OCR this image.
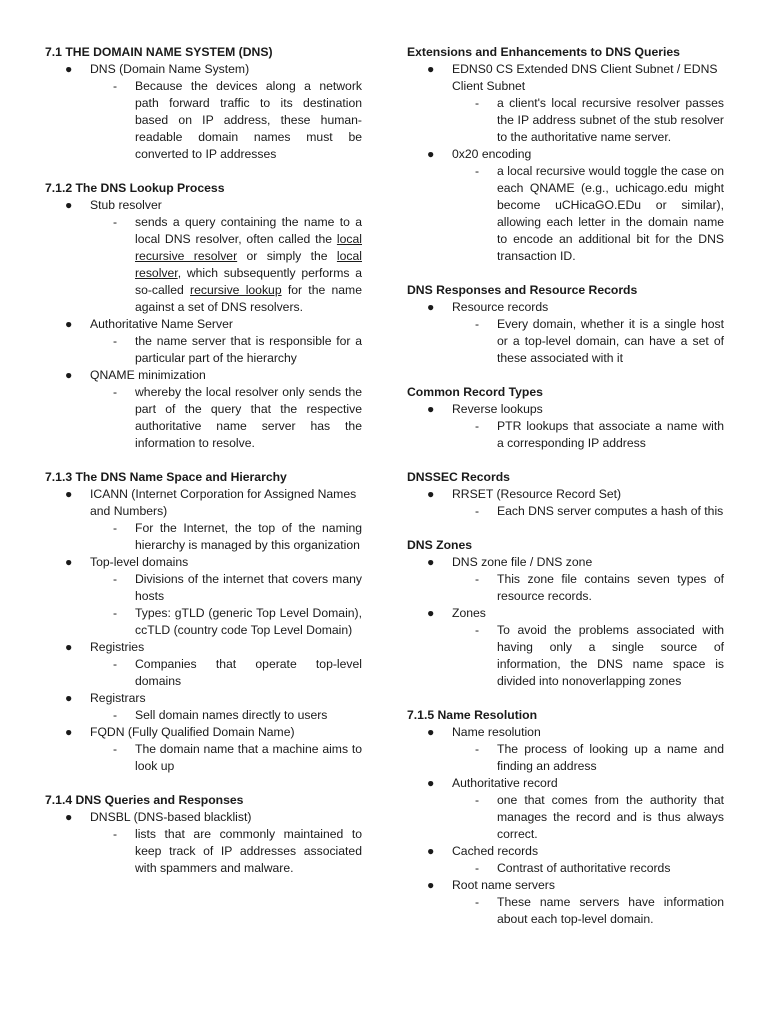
7.1 THE DOMAIN NAME SYSTEM (DNS)
● DNS (Domain Name System)
- Because the devices along a network path forward traffic to its destination based on IP address, these human-readable domain names must be converted to IP addresses
7.1.2 The DNS Lookup Process
● Stub resolver
- sends a query containing the name to a local DNS resolver, often called the local recursive resolver or simply the local resolver, which subsequently performs a so-called recursive lookup for the name against a set of DNS resolvers.
● Authoritative Name Server
- the name server that is responsible for a particular part of the hierarchy
● QNAME minimization
- whereby the local resolver only sends the part of the query that the respective authoritative name server has the information to resolve.
7.1.3 The DNS Name Space and Hierarchy
● ICANN (Internet Corporation for Assigned Names and Numbers)
- For the Internet, the top of the naming hierarchy is managed by this organization
● Top-level domains
- Divisions of the internet that covers many hosts
- Types: gTLD (generic Top Level Domain), ccTLD (country code Top Level Domain)
● Registries
- Companies that operate top-level domains
● Registrars
- Sell domain names directly to users
● FQDN (Fully Qualified Domain Name)
- The domain name that a machine aims to look up
7.1.4 DNS Queries and Responses
● DNSBL (DNS-based blacklist)
- lists that are commonly maintained to keep track of IP addresses associated with spammers and malware.
Extensions and Enhancements to DNS Queries
● EDNS0 CS Extended DNS Client Subnet / EDNS Client Subnet
- a client's local recursive resolver passes the IP address subnet of the stub resolver to the authoritative name server.
● 0x20 encoding
- a local recursive would toggle the case on each QNAME (e.g., uchicago.edu might become uCHicaGO.EDu or similar), allowing each letter in the domain name to encode an additional bit for the DNS transaction ID.
DNS Responses and Resource Records
● Resource records
- Every domain, whether it is a single host or a top-level domain, can have a set of these associated with it
Common Record Types
● Reverse lookups
- PTR lookups that associate a name with a corresponding IP address
DNSSEC Records
● RRSET (Resource Record Set)
- Each DNS server computes a hash of this
DNS Zones
● DNS zone file / DNS zone
- This zone file contains seven types of resource records.
● Zones
- To avoid the problems associated with having only a single source of information, the DNS name space is divided into nonoverlapping zones
7.1.5 Name Resolution
● Name resolution
- The process of looking up a name and finding an address
● Authoritative record
- one that comes from the authority that manages the record and is thus always correct.
● Cached records
- Contrast of authoritative records
● Root name servers
- These name servers have information about each top-level domain.
